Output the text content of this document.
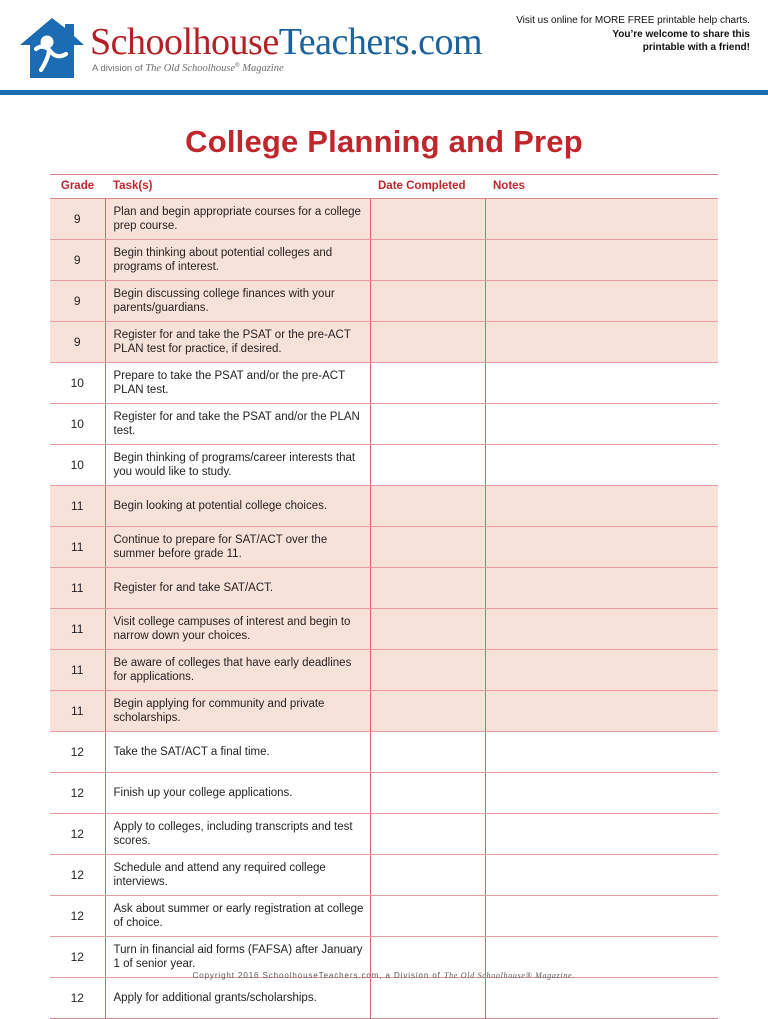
SchoolhouseTeachers.com
A division of The Old Schoolhouse® Magazine
Visit us online for MORE FREE printable help charts.
You’re welcome to share this
printable with a friend!
College Planning and Prep
Grade	Task(s)	Date Completed	Notes
9	Plan and begin appropriate courses for a college prep course.		
9	Begin thinking about potential colleges and programs of interest.		
9	Begin discussing college finances with your parents/guardians.		
9	Register for and take the PSAT or the pre-ACT PLAN test for practice, if desired.		
10	Prepare to take the PSAT and/or the pre-ACT PLAN test.		
10	Register for and take the PSAT and/or the PLAN test.		
10	Begin thinking of programs/career interests that you would like to study.		
11	Begin looking at potential college choices.		
11	Continue to prepare for SAT/ACT over the summer before grade 11.		
11	Register for and take SAT/ACT.		
11	Visit college campuses of interest and begin to narrow down your choices.		
11	Be aware of colleges that have early deadlines for applications.		
11	Begin applying for community and private scholarships.		
12	Take the SAT/ACT a final time.		
12	Finish up your college applications.		
12	Apply to colleges, including transcripts and test scores.		
12	Schedule and attend any required college interviews.		
12	Ask about summer or early registration at college of choice.		
12	Turn in financial aid forms (FAFSA) after January 1 of senior year.		
12	Apply for additional grants/scholarships.		
Copyright 2016 SchoolhouseTeachers.com, a Division of The Old Schoolhouse® Magazine.
